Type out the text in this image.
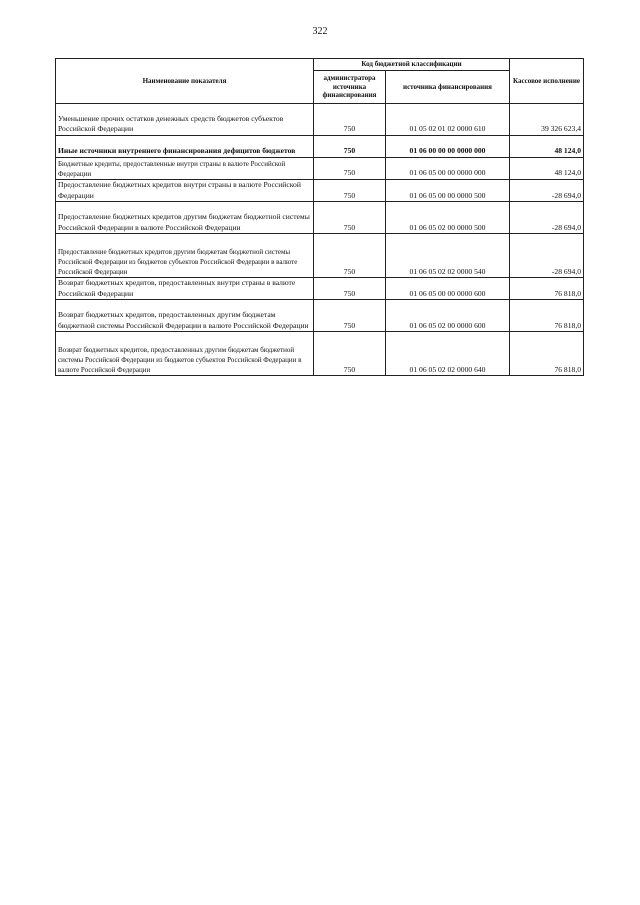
322
Наименование показателя	Код бюджетной классификации		Кассовое исполнение
	администратора источника финансирования	источника финансирования	
Уменьшение прочих остатков денежных средств бюджетов субъектов Российской Федерации	750	01 05 02 01 02 0000 610	39 326 623,4
Иные источники внутреннего финансирования дефицитов бюджетов	750	01 06 00 00 00 0000 000	48 124,0
Бюджетные кредиты, предоставленные внутри страны в валюте Российской Федерации	750	01 06 05 00 00 0000 000	48 124,0
Предоставление бюджетных кредитов внутри страны в валюте Российской Федерации	750	01 06 05 00 00 0000 500	-28 694,0
Предоставление бюджетных кредитов другим бюджетам бюджетной системы Российской Федерации в валюте Российской Федерации	750	01 06 05 02 00 0000 500	-28 694,0
Предоставление бюджетных кредитов другим бюджетам бюджетной системы Российской Федерации из бюджетов субъектов Российской Федерации в валюте Российской Федерации	750	01 06 05 02 02 0000 540	-28 694,0
Возврат бюджетных кредитов, предоставленных внутри страны в валюте Российской Федерации	750	01 06 05 00 00 0000 600	76 818,0
Возврат бюджетных кредитов, предоставленных другим бюджетам бюджетной системы Российской Федерации в валюте Российской Федерации	750	01 06 05 02 00 0000 600	76 818,0
Возврат бюджетных кредитов, предоставленных другим бюджетам бюджетной системы Российской Федерации из бюджетов субъектов Российской Федерации в валюте Российской Федерации	750	01 06 05 02 02 0000 640	76 818,0
